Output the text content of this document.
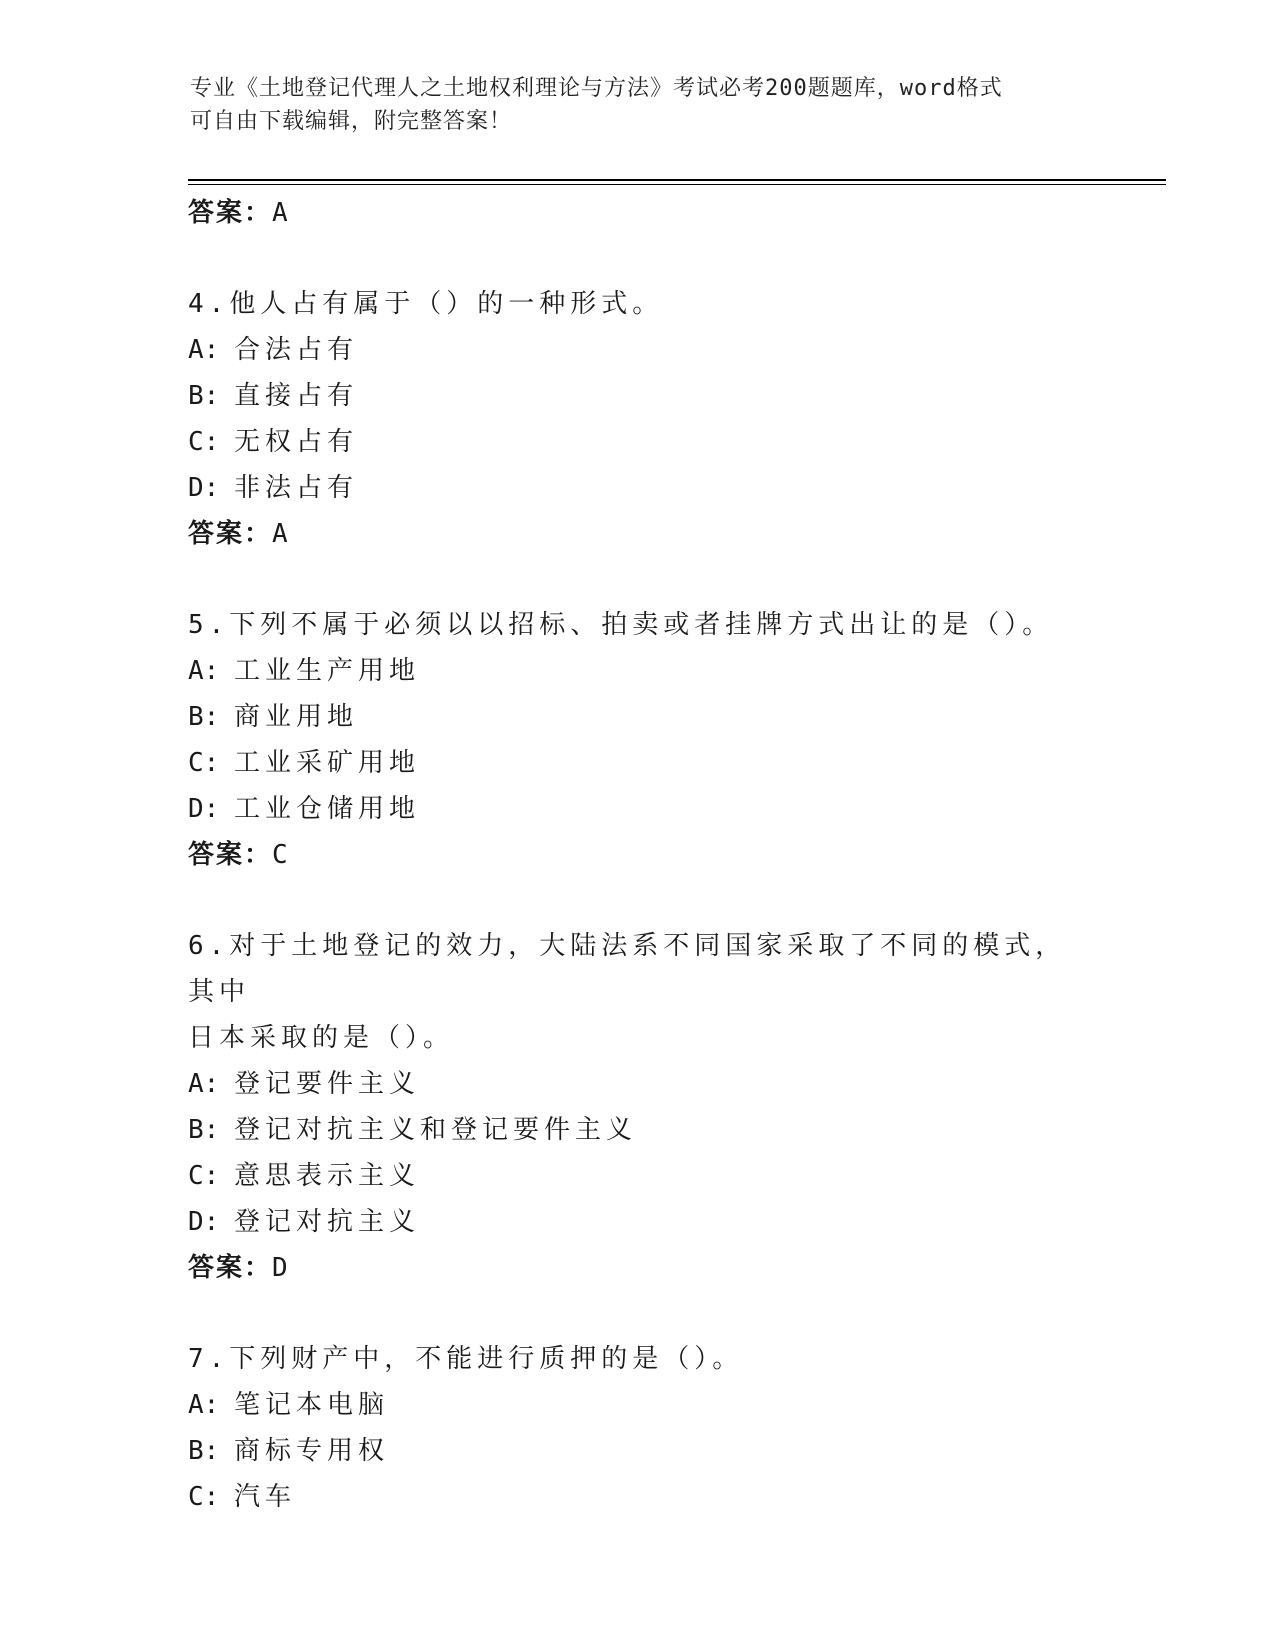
专业《土地登记代理人之土地权利理论与方法》考试必考200题题库，word格式
可自由下载编辑，附完整答案！
答案：A
4.他人占有属于（）的一种形式。
A: 合法占有
B: 直接占有
C: 无权占有
D: 非法占有
答案：A
5.下列不属于必须以以招标、拍卖或者挂牌方式出让的是（）。
A: 工业生产用地
B: 商业用地
C: 工业采矿用地
D: 工业仓储用地
答案：C
6.对于土地登记的效力，大陆法系不同国家采取了不同的模式，其中
日本采取的是（）。
A: 登记要件主义
B: 登记对抗主义和登记要件主义
C: 意思表示主义
D: 登记对抗主义
答案：D
7.下列财产中，不能进行质押的是（）。
A: 笔记本电脑
B: 商标专用权
C: 汽车
